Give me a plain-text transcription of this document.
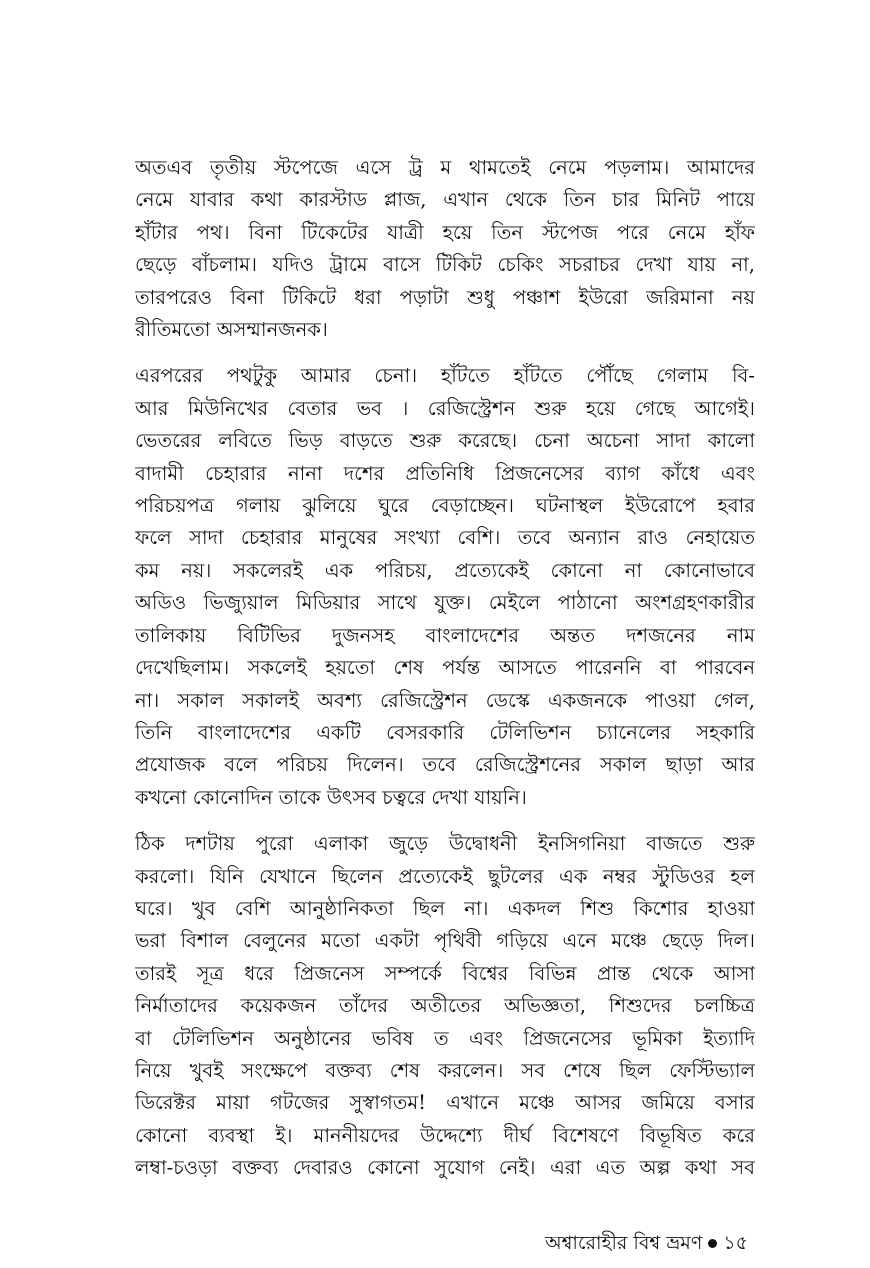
অতএব তৃতীয় স্টপেজে এসে ট্র ম থামতেই নেমে পড়লাম। আমাদের
নেমে যাবার কথা কারস্টাড প্লাজ, এখান থেকে তিন চার মিনিট পায়ে
হাঁটার পথ। বিনা টিকেটের যাত্রী হয়ে তিন স্টপেজ পরে নেমে হাঁফ
ছেড়ে বাঁচলাম। যদিও ট্রামে বাসে টিকিট চেকিং সচরাচর দেখা যায় না,
তারপরেও বিনা টিকিটে ধরা পড়াটা শুধু পঞ্চাশ ইউরো জরিমানা নয়
রীতিমতো অসম্মানজনক।

এরপরের পথটুকু আমার চেনা। হাঁটতে হাঁটতে পৌঁছে গেলাম বি-
আর মিউনিখের বেতার ভব । রেজিস্ট্রেশন শুরু হয়ে গেছে আগেই।
ভেতরের লবিতে ভিড় বাড়তে শুরু করেছে। চেনা অচেনা সাদা কালো
বাদামী চেহারার নানা দশের প্রতিনিধি প্রিজনেসের ব্যাগ কাঁধে এবং
পরিচয়পত্র গলায় ঝুলিয়ে ঘুরে বেড়াচ্ছেন। ঘটনাস্থল ইউরোপে হবার
ফলে সাদা চেহারার মানুষের সংখ্যা বেশি। তবে অন্যান রাও নেহায়েত
কম নয়। সকলেরই এক পরিচয়, প্রত্যেকেই কোনো না কোনোভাবে
অডিও ভিজ্যুয়াল মিডিয়ার সাথে যুক্ত। মেইলে পাঠানো অংশগ্রহণকারীর
তালিকায় বিটিভির দুজনসহ বাংলাদেশের অন্তত দশজনের নাম
দেখেছিলাম। সকলেই হয়তো শেষ পর্যন্ত আসতে পারেননি বা পারবেন
না। সকাল সকালই অবশ্য রেজিস্ট্রেশন ডেস্কে একজনকে পাওয়া গেল,
তিনি বাংলাদেশের একটি বেসরকারি টেলিভিশন চ্যানেলের সহকারি
প্রযোজক বলে পরিচয় দিলেন। তবে রেজিস্ট্রেশনের সকাল ছাড়া আর
কখনো কোনোদিন তাকে উৎসব চত্বরে দেখা যায়নি।

ঠিক দশটায় পুরো এলাকা জুড়ে উদ্বোধনী ইনসিগনিয়া বাজতে শুরু
করলো। যিনি যেখানে ছিলেন প্রত্যেকেই ছুটলের এক নম্বর স্টুডিওর হল
ঘরে। খুব বেশি আনুষ্ঠানিকতা ছিল না। একদল শিশু কিশোর হাওয়া
ভরা বিশাল বেলুনের মতো একটা পৃথিবী গড়িয়ে এনে মঞ্চে ছেড়ে দিল।
তারই সূত্র ধরে প্রিজনেস সম্পর্কে বিশ্বের বিভিন্ন প্রান্ত থেকে আসা
নির্মাতাদের কয়েকজন তাঁদের অতীতের অভিজ্ঞতা, শিশুদের চলচ্চিত্র
বা টেলিভিশন অনুষ্ঠানের ভবিষ ত এবং প্রিজনেসের ভূমিকা ইত্যাদি
নিয়ে খুবই সংক্ষেপে বক্তব্য শেষ করলেন। সব শেষে ছিল ফেস্টিভ্যাল
ডিরেক্টর মায়া গটজের সুস্বাগতম! এখানে মঞ্চে আসর জমিয়ে বসার
কোনো ব্যবস্থা ই। মাননীয়দের উদ্দেশ্যে দীর্ঘ বিশেষণে বিভূষিত করে
লম্বা-চওড়া বক্তব্য দেবারও কোনো সুযোগ নেই। এরা এত অল্প কথা সব

অশ্বারোহীর বিশ্ব ভ্রমণ ১৫
